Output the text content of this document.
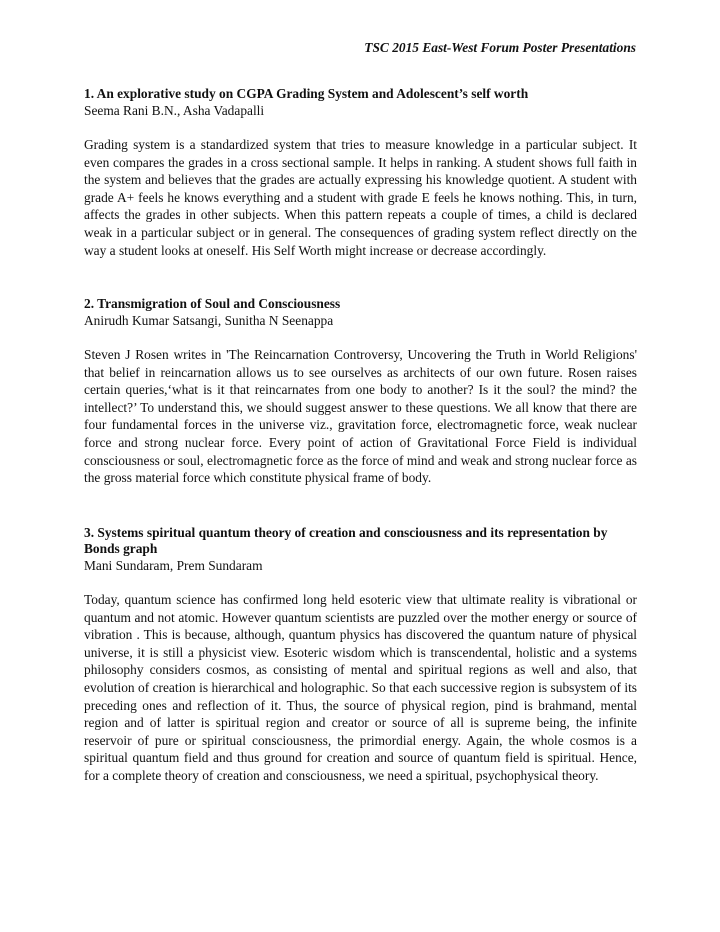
TSC 2015 East-West Forum Poster Presentations

1. An explorative study on CGPA Grading System and Adolescent’s self worth

Seema Rani B.N., Asha Vadapalli

Grading system is a standardized system that tries to measure knowledge in a particular subject. It even compares the grades in a cross sectional sample. It helps in ranking. A student shows full faith in the system and believes that the grades are actually expressing his knowledge quotient. A student with grade A+ feels he knows everything and a student with grade E feels he knows nothing. This, in turn, affects the grades in other subjects. When this pattern repeats a couple of times, a child is declared weak in a particular subject or in general. The consequences of grading system reflect directly on the way a student looks at oneself. His Self Worth might increase or decrease accordingly.

2. Transmigration of Soul and Consciousness

Anirudh Kumar Satsangi, Sunitha N Seenappa

Steven J Rosen writes in 'The Reincarnation Controversy, Uncovering the Truth in World Religions' that belief in reincarnation allows us to see ourselves as architects of our own future. Rosen raises certain queries,‘what is it that reincarnates from one body to another? Is it the soul? the mind? the intellect?’ To understand this, we should suggest answer to these questions. We all know that there are four fundamental forces in the universe viz., gravitation force, electromagnetic force, weak nuclear force and strong nuclear force. Every point of action of Gravitational Force Field is individual consciousness or soul, electromagnetic force as the force of mind and weak and strong nuclear force as the gross material force which constitute physical frame of body.

3. Systems spiritual quantum theory of creation and consciousness and its representation by Bonds graph

Mani Sundaram, Prem Sundaram

Today, quantum science has confirmed long held esoteric view that ultimate reality is vibrational or quantum and not atomic. However quantum scientists are puzzled over the mother energy or source of vibration . This is because, although, quantum physics has discovered the quantum nature of physical universe, it is still a physicist view. Esoteric wisdom which is transcendental, holistic and a systems philosophy considers cosmos, as consisting of mental and spiritual regions as well and also, that evolution of creation is hierarchical and holographic. So that each successive region is subsystem of its preceding ones and reflection of it. Thus, the source of physical region, pind is brahmand, mental region and of latter is spiritual region and creator or source of all is supreme being, the infinite reservoir of pure or spiritual consciousness, the primordial energy. Again, the whole cosmos is a spiritual quantum field and thus ground for creation and source of quantum field is spiritual. Hence, for a complete theory of creation and consciousness, we need a spiritual, psychophysical theory.
